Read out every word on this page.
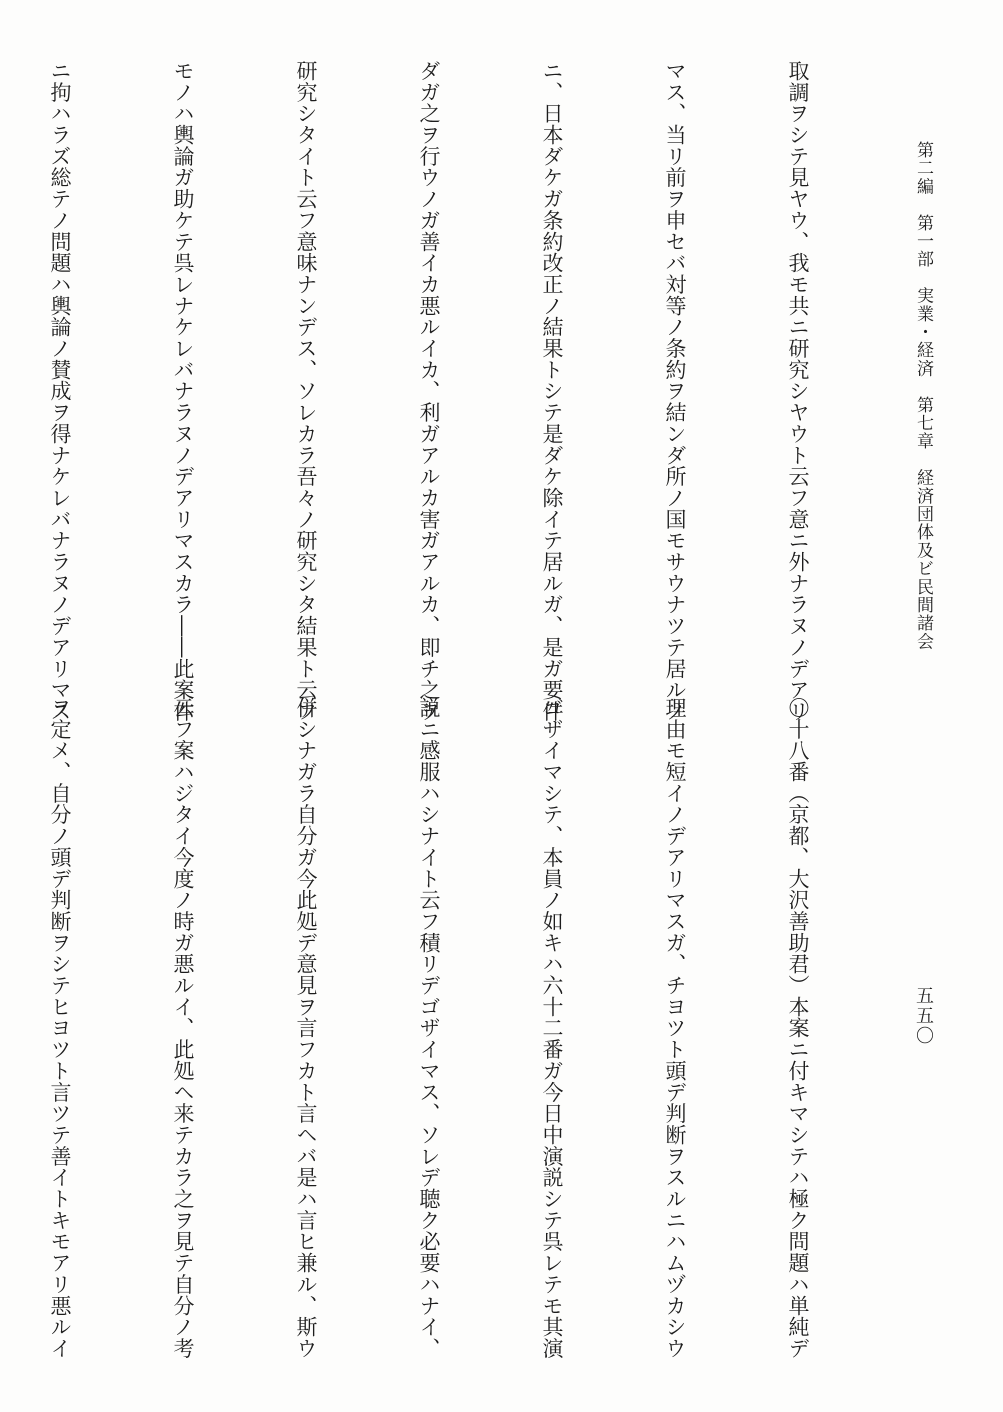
第二編　第一部　実業・経済　第七章　経済団体及ビ民間諸会
五五〇

取調ヲシテ見ヤウ、我モ共ニ研究シヤウト云フ意ニ外ナラヌノデアリ

マス、当リ前ヲ申セバ対等ノ条約ヲ結ンダ所ノ国モサウナツテ居ルノ

ニ、日本ダケガ条約改正ノ結果トシテ是ダケ除イテ居ルガ、是ガ要件

ダガ之ヲ行ウノガ善イカ悪ルイカ、利ガアルカ害ガアルカ、即チ之ヲ

研究シタイト云フ意味ナンデス、ソレカラ吾々ノ研究シタ結果ト云フ

モノハ輿論ガ助ケテ呉レナケレバナラヌノデアリマスカラ――此案件

ニ拘ハラズ総テノ問題ハ輿論ノ賛成ヲ得ナケレバナラヌノデアリマス

〇十八番（京都、大沢善助君）本案ニ付キマシテハ極ク問題ハ単純デ

理由モ短イノデアリマスガ、チヨツト頭デ判断ヲスルニハムヅカシウ

ゴザイマシテ、本員ノ如キハ六十二番ガ今日中演説シテ呉レテモ其演

説ニ感服ハシナイト云フ積リデゴザイマス、ソレデ聴ク必要ハナイ、

併シナガラ自分ガ今此処デ意見ヲ言フカト言ヘバ是ハ言ヒ兼ル、斯ウ

云フ案ハジタイ今度ノ時ガ悪ルイ、此処ヘ来テカラ之ヲ見テ自分ノ考

ヲ定メ、自分ノ頭デ判断ヲシテヒヨツト言ツテ善イトキモアリ悪ルイ
